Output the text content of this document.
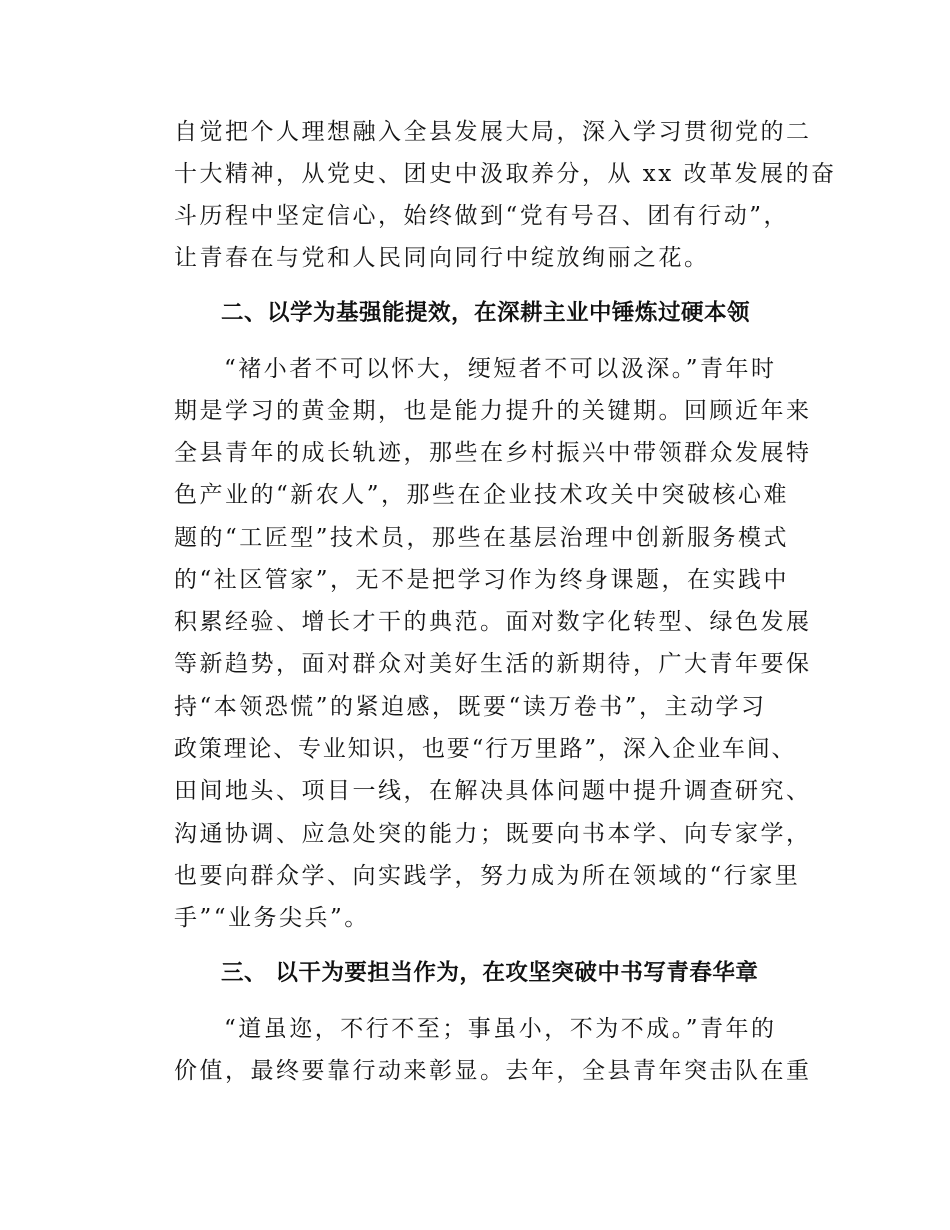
自觉把个人理想融入全县发展大局，深入学习贯彻党的二
十大精神，从党史、团史中汲取养分，从 xx 改革发展的奋
斗历程中坚定信心，始终做到“党有号召、团有行动”，
让青春在与党和人民同向同行中绽放绚丽之花。
二、以学为基强能提效，在深耕主业中锤炼过硬本领
“褚小者不可以怀大，绠短者不可以汲深。”青年时
期是学习的黄金期，也是能力提升的关键期。回顾近年来
全县青年的成长轨迹，那些在乡村振兴中带领群众发展特
色产业的“新农人”，那些在企业技术攻关中突破核心难
题的“工匠型”技术员，那些在基层治理中创新服务模式
的“社区管家”，无不是把学习作为终身课题，在实践中
积累经验、增长才干的典范。面对数字化转型、绿色发展
等新趋势，面对群众对美好生活的新期待，广大青年要保
持“本领恐慌”的紧迫感，既要“读万卷书”，主动学习
政策理论、专业知识，也要“行万里路”，深入企业车间、
田间地头、项目一线，在解决具体问题中提升调查研究、
沟通协调、应急处突的能力；既要向书本学、向专家学，
也要向群众学、向实践学，努力成为所在领域的“行家里
手”“业务尖兵”。
三、 以干为要担当作为，在攻坚突破中书写青春华章
“道虽迩，不行不至；事虽小，不为不成。”青年的
价值，最终要靠行动来彰显。去年，全县青年突击队在重
